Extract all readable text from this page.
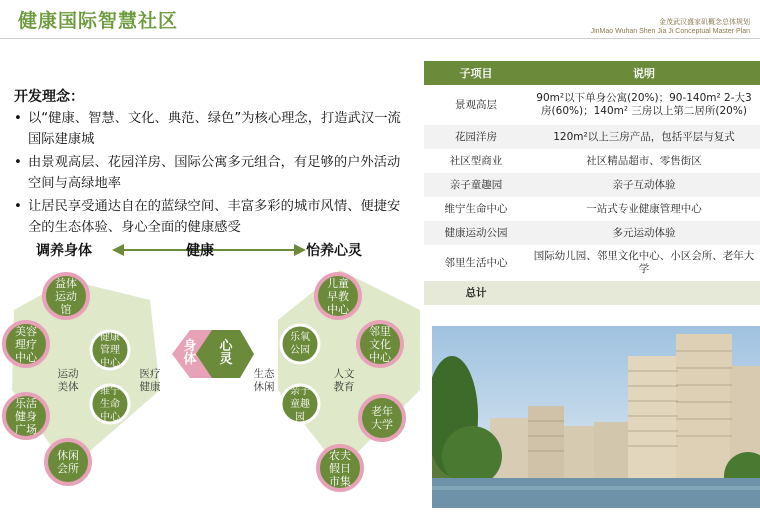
健康国际智慧社区	金茂武汉盛家矶概念总体规划
JinMao Wuhan Shen Jia Ji Conceptual Master Plan
开发理念：
• 以“健康、智慧、文化、典范、绿色”为核心理念，打造武汉一流国际建康城
• 由景观高层、花园洋房、国际公寓多元组合，有足够的户外活动空间与高绿地率
• 让居民享受通达自在的蓝绿空间、丰富多彩的城市风情、便捷安全的生态体验、身心全面的健康感受
调养身体	健康	怡养心灵
益体
运动
馆
美容
理疗
中心
乐活
健身
广场
休闲
会所
健康
管理
中心
维宁
生命
中心
运动
美体
医疗
健康
身
体
心
灵
生态
休闲
人文
教育
乐氧
公园
亲子
童趣
园
儿童
早教
中心
邻里
文化
中心
老年
大学
农夫
假日
市集
子项目	说明
景观高层	90m²以下单身公寓(20%)；90-140m² 2-大3房(60%)；140m² 三房以上第二居所(20%)
花园洋房	120m²以上三房产品，包括平层与复式
社区型商业	社区精品超市、零售街区
亲子童趣园	亲子互动体验
维宁生命中心	一站式专业健康管理中心
健康运动公园	多元运动体验
邻里生活中心	国际幼儿园、邻里文化中心、小区会所、老年大学
总计	
